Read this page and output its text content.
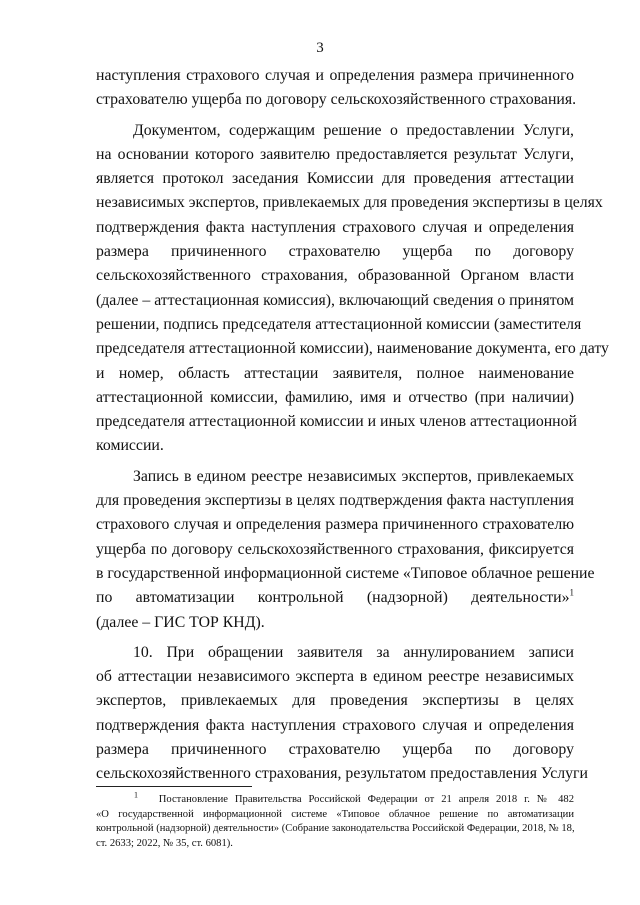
3
наступления страхового случая и определения размера причиненного
страхователю ущерба по договору сельскохозяйственного страхования.
Документом, содержащим решение о предоставлении Услуги,
на основании которого заявителю предоставляется результат Услуги,
является протокол заседания Комиссии для проведения аттестации
независимых экспертов, привлекаемых для проведения экспертизы в целях
подтверждения факта наступления страхового случая и определения
размера причиненного страхователю ущерба по договору
сельскохозяйственного страхования, образованной Органом власти
(далее – аттестационная комиссия), включающий сведения о принятом
решении, подпись председателя аттестационной комиссии (заместителя
председателя аттестационной комиссии), наименование документа, его дату
и номер, область аттестации заявителя, полное наименование
аттестационной комиссии, фамилию, имя и отчество (при наличии)
председателя аттестационной комиссии и иных членов аттестационной
комиссии.
Запись в едином реестре независимых экспертов, привлекаемых
для проведения экспертизы в целях подтверждения факта наступления
страхового случая и определения размера причиненного страхователю
ущерба по договору сельскохозяйственного страхования, фиксируется
в государственной информационной системе «Типовое облачное решение
по автоматизации контрольной (надзорной) деятельности»$^1$
(далее – ГИС ТОР КНД).
10. При обращении заявителя за аннулированием записи
об аттестации независимого эксперта в едином реестре независимых
экспертов, привлекаемых для проведения экспертизы в целях
подтверждения факта наступления страхового случая и определения
размера причиненного страхователю ущерба по договору
сельскохозяйственного страхования, результатом предоставления Услуги
$^1$ Постановление Правительства Российской Федерации от 21 апреля 2018 г. № 482
«О государственной информационной системе «Типовое облачное решение по автоматизации
контрольной (надзорной) деятельности» (Собрание законодательства Российской Федерации, 2018, № 18,
ст. 2633; 2022, № 35, ст. 6081).
